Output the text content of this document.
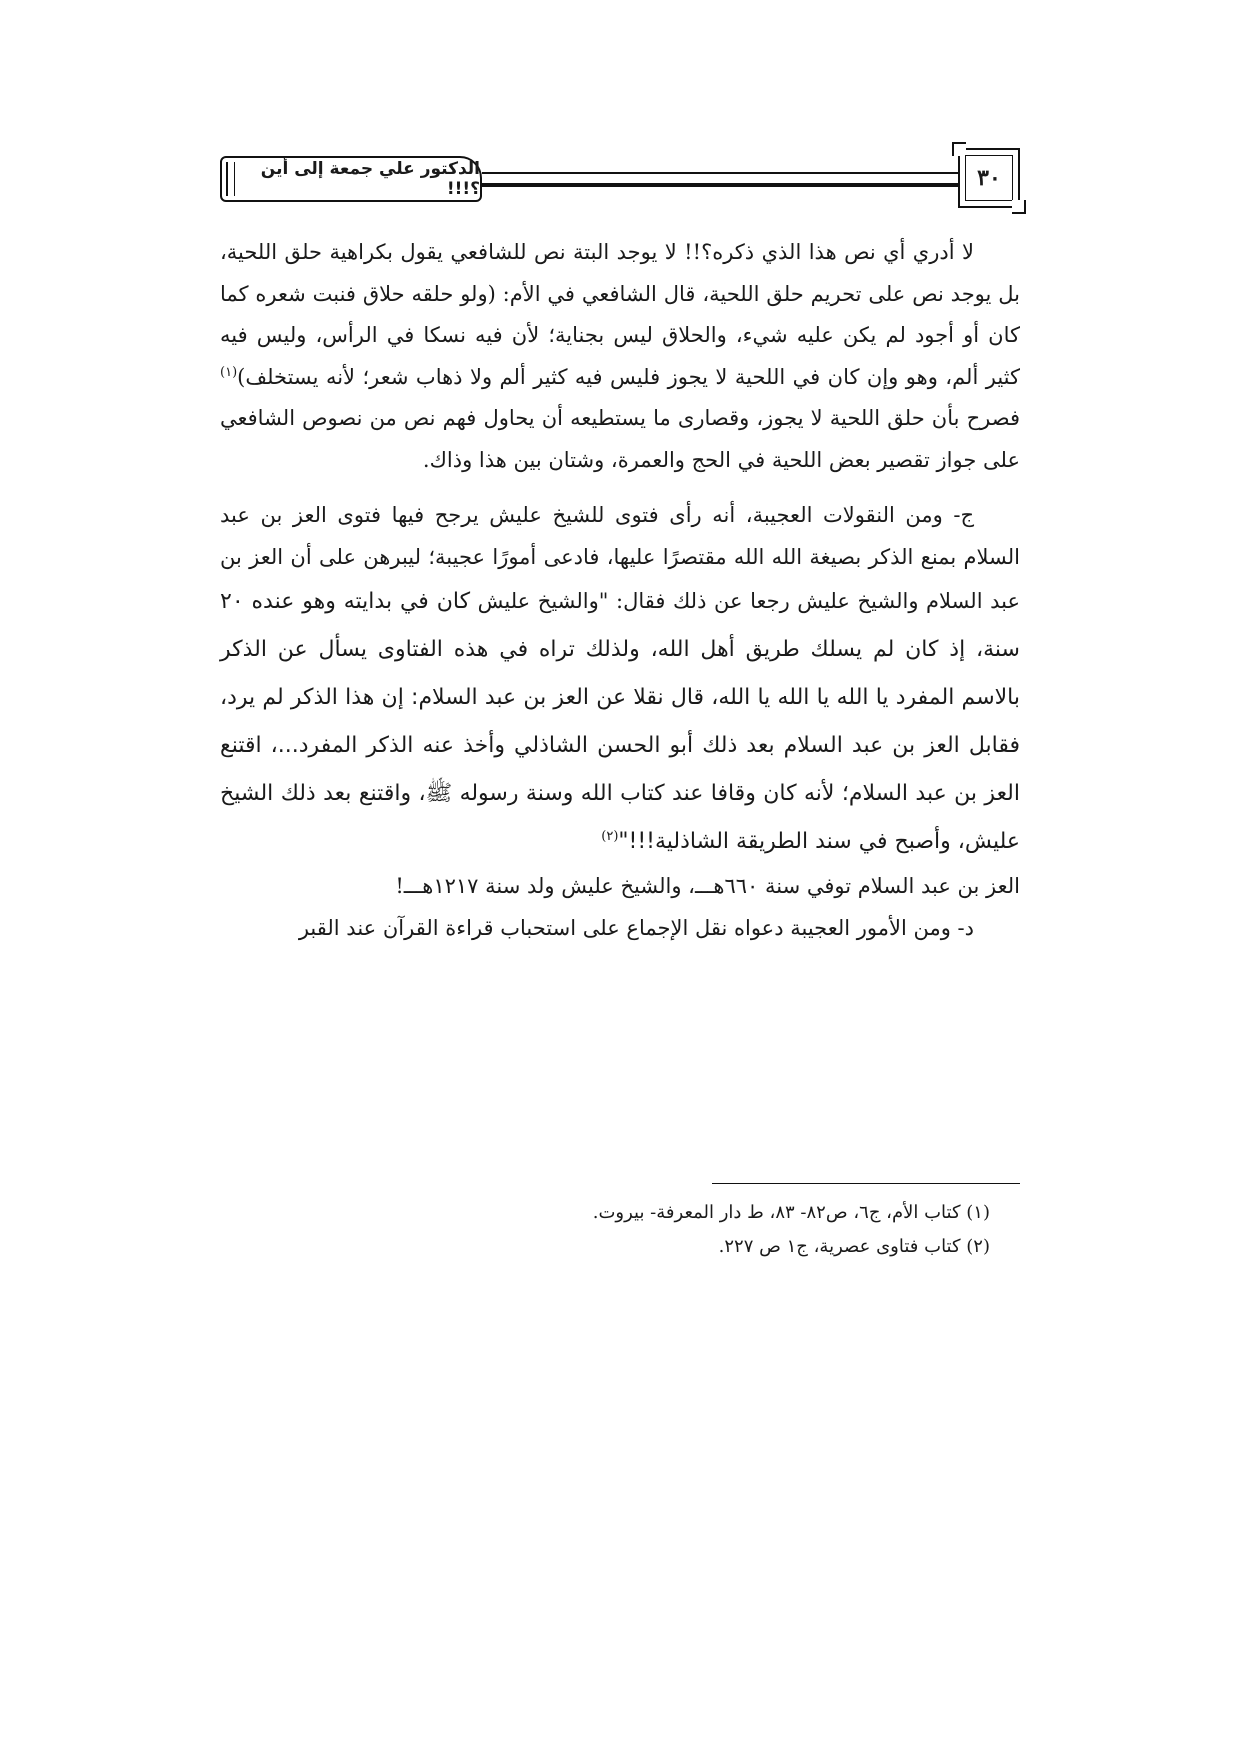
الدكتور علي جمعة إلى أين ؟!!!	٣٠

لا أدري أي نص هذا الذي ذكره؟!! لا يوجد البتة نص للشافعي يقول بكراهية حلق اللحية، بل يوجد نص على تحريم حلق اللحية، قال الشافعي في الأم: (ولو حلقه حلاق فنبت شعره كما كان أو أجود لم يكن عليه شيء، والحلاق ليس بجناية؛ لأن فيه نسكا في الرأس، وليس فيه كثير ألم، وهو وإن كان في اللحية لا يجوز فليس فيه كثير ألم ولا ذهاب شعر؛ لأنه يستخلف)$^{(١)}$ فصرح بأن حلق اللحية لا يجوز، وقصارى ما يستطيعه أن يحاول فهم نص من نصوص الشافعي على جواز تقصير بعض اللحية في الحج والعمرة، وشتان بين هذا وذاك.

ج- ومن النقولات العجيبة، أنه رأى فتوى للشيخ عليش يرجح فيها فتوى العز بن عبد السلام بمنع الذكر بصيغة الله الله مقتصرًا عليها، فادعى أمورًا عجيبة؛ ليبرهن على أن العز بن عبد السلام والشيخ عليش رجعا عن ذلك فقال: "والشيخ عليش كان في بدايته وهو عنده ٢٠ سنة، إذ كان لم يسلك طريق أهل الله، ولذلك تراه في هذه الفتاوى يسأل عن الذكر بالاسم المفرد يا الله يا الله يا الله، قال نقلا عن العز بن عبد السلام: إن هذا الذكر لم يرد، فقابل العز بن عبد السلام بعد ذلك أبو الحسن الشاذلي وأخذ عنه الذكر المفرد...، اقتنع العز بن عبد السلام؛ لأنه كان وقافا عند كتاب الله وسنة رسوله ﷺ، واقتنع بعد ذلك الشيخ عليش، وأصبح في سند الطريقة الشاذلية!!!"$^{(٢)}$

العز بن عبد السلام توفي سنة ٦٦٠هـــ، والشيخ عليش ولد سنة ١٢١٧هـــ!

د- ومن الأمور العجيبة دعواه نقل الإجماع على استحباب قراءة القرآن عند القبر

(١) كتاب الأم، ج٦، ص٨٢- ٨٣، ط دار المعرفة- بيروت.

(٢) كتاب فتاوى عصرية، ج١ ص ٢٢٧.
